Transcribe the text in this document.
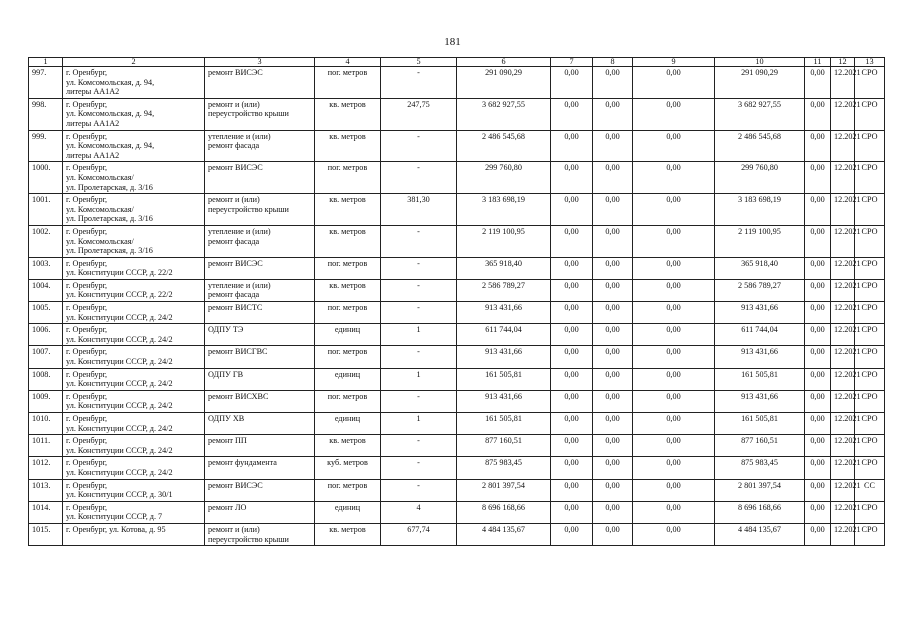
181
1	2	3	4	5	6	7	8	9	10	11	12	13
997.	г. Оренбург,
ул. Комсомольская, д. 94,
литеры АА1А2	ремонт ВИСЭС	пог. метров	-	291 090,29	0,00	0,00	0,00	291 090,29	0,00	12.2021	СРО
998.	г. Оренбург,
ул. Комсомольская, д. 94,
литеры АА1А2	ремонт и (или)
переустройство крыши	кв. метров	247,75	3 682 927,55	0,00	0,00	0,00	3 682 927,55	0,00	12.2021	СРО
999.	г. Оренбург,
ул. Комсомольская, д. 94,
литеры АА1А2	утепление и (или)
ремонт фасада	кв. метров	-	2 486 545,68	0,00	0,00	0,00	2 486 545,68	0,00	12.2021	СРО
1000.	г. Оренбург,
ул. Комсомольская/
ул. Пролетарская, д. 3/16	ремонт ВИСЭС	пог. метров	-	299 760,80	0,00	0,00	0,00	299 760,80	0,00	12.2021	СРО
1001.	г. Оренбург,
ул. Комсомольская/
ул. Пролетарская, д. 3/16	ремонт и (или)
переустройство крыши	кв. метров	381,30	3 183 698,19	0,00	0,00	0,00	3 183 698,19	0,00	12.2021	СРО
1002.	г. Оренбург,
ул. Комсомольская/
ул. Пролетарская, д. 3/16	утепление и (или)
ремонт фасада	кв. метров	-	2 119 100,95	0,00	0,00	0,00	2 119 100,95	0,00	12.2021	СРО
1003.	г. Оренбург,
ул. Конституции СССР, д. 22/2	ремонт ВИСЭС	пог. метров	-	365 918,40	0,00	0,00	0,00	365 918,40	0,00	12.2021	СРО
1004.	г. Оренбург,
ул. Конституции СССР, д. 22/2	утепление и (или)
ремонт фасада	кв. метров	-	2 586 789,27	0,00	0,00	0,00	2 586 789,27	0,00	12.2021	СРО
1005.	г. Оренбург,
ул. Конституции СССР, д. 24/2	ремонт ВИСТС	пог. метров	-	913 431,66	0,00	0,00	0,00	913 431,66	0,00	12.2021	СРО
1006.	г. Оренбург,
ул. Конституции СССР, д. 24/2	ОДПУ ТЭ	единиц	1	611 744,04	0,00	0,00	0,00	611 744,04	0,00	12.2021	СРО
1007.	г. Оренбург,
ул. Конституции СССР, д. 24/2	ремонт ВИСГВС	пог. метров	-	913 431,66	0,00	0,00	0,00	913 431,66	0,00	12.2021	СРО
1008.	г. Оренбург,
ул. Конституции СССР, д. 24/2	ОДПУ ГВ	единиц	1	161 505,81	0,00	0,00	0,00	161 505,81	0,00	12.2021	СРО
1009.	г. Оренбург,
ул. Конституции СССР, д. 24/2	ремонт ВИСХВС	пог. метров	-	913 431,66	0,00	0,00	0,00	913 431,66	0,00	12.2021	СРО
1010.	г. Оренбург,
ул. Конституции СССР, д. 24/2	ОДПУ ХВ	единиц	1	161 505,81	0,00	0,00	0,00	161 505,81	0,00	12.2021	СРО
1011.	г. Оренбург,
ул. Конституции СССР, д. 24/2	ремонт ПП	кв. метров	-	877 160,51	0,00	0,00	0,00	877 160,51	0,00	12.2021	СРО
1012.	г. Оренбург,
ул. Конституции СССР, д. 24/2	ремонт фундамента	куб. метров	-	875 983,45	0,00	0,00	0,00	875 983,45	0,00	12.2021	СРО
1013.	г. Оренбург,
ул. Конституции СССР, д. 30/1	ремонт ВИСЭС	пог. метров	-	2 801 397,54	0,00	0,00	0,00	2 801 397,54	0,00	12.2021	СС
1014.	г. Оренбург,
ул. Конституции СССР, д. 7	ремонт ЛО	единиц	4	8 696 168,66	0,00	0,00	0,00	8 696 168,66	0,00	12.2021	СРО
1015.	г. Оренбург, ул. Котова, д. 95	ремонт и (или)
переустройство крыши	кв. метров	677,74	4 484 135,67	0,00	0,00	0,00	4 484 135,67	0,00	12.2021	СРО
